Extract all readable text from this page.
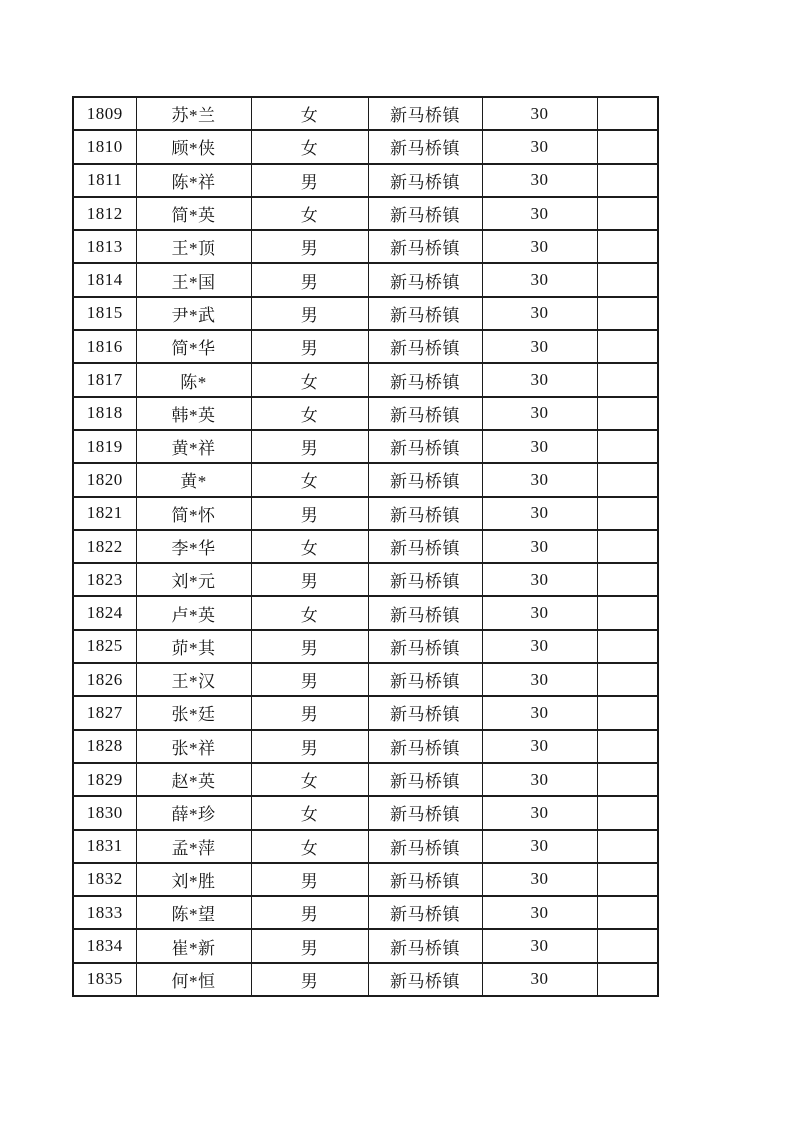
1809	苏*兰	女	新马桥镇	30	
1810	顾*侠	女	新马桥镇	30	
1811	陈*祥	男	新马桥镇	30	
1812	简*英	女	新马桥镇	30	
1813	王*顶	男	新马桥镇	30	
1814	王*国	男	新马桥镇	30	
1815	尹*武	男	新马桥镇	30	
1816	简*华	男	新马桥镇	30	
1817	陈*	女	新马桥镇	30	
1818	韩*英	女	新马桥镇	30	
1819	黄*祥	男	新马桥镇	30	
1820	黄*	女	新马桥镇	30	
1821	简*怀	男	新马桥镇	30	
1822	李*华	女	新马桥镇	30	
1823	刘*元	男	新马桥镇	30	
1824	卢*英	女	新马桥镇	30	
1825	茆*其	男	新马桥镇	30	
1826	王*汉	男	新马桥镇	30	
1827	张*廷	男	新马桥镇	30	
1828	张*祥	男	新马桥镇	30	
1829	赵*英	女	新马桥镇	30	
1830	薛*珍	女	新马桥镇	30	
1831	孟*萍	女	新马桥镇	30	
1832	刘*胜	男	新马桥镇	30	
1833	陈*望	男	新马桥镇	30	
1834	崔*新	男	新马桥镇	30	
1835	何*恒	男	新马桥镇	30	
